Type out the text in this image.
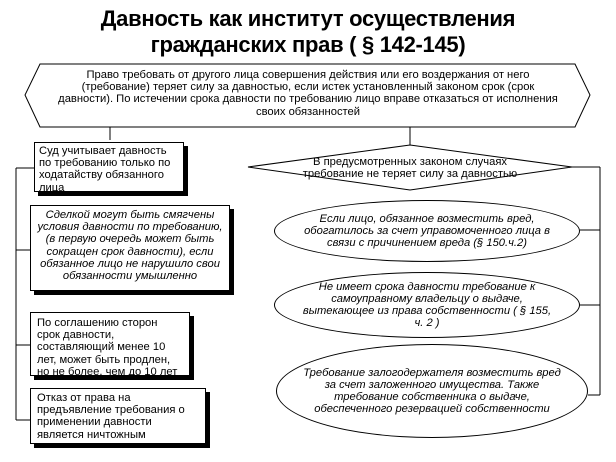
Давность как институт осуществления
гражданских прав ( § 142-145)
Право требовать от другого лица совершения действия или его воздержания от него (требование) теряет силу за давностью, если истек установленный законом срок (срок давности). По истечении срока давности по требованию лицо вправе отказаться от исполнения своих обязанностей
Суд учитывает давность по требованию только по ходатайству обязанного лица
Сделкой могут быть смягчены условия давности по требованию,(в первую очередь может быть сокращен срок давности), если обязанное лицо не нарушило свои обязанности умышленно
По соглашению сторон срок давности, составляющий менее 10 лет, может быть продлен, но не более, чем до 10 лет
Отказ от права на предъявление требования о применении давности является ничтожным
В предусмотренных законом случаях требование не теряет силу за давностью
Если лицо, обязанное возместить вред, обогатилось за счет управомоченного лица в связи с причинением вреда (§ 150.ч.2)
Не имеет срока давности требование к самоуправному владельцу о выдаче, вытекающее из права собственности ( § 155, ч. 2 )
Требование залогодержателя возместить вред за счет заложенного имущества. Также требование собственника о выдаче, обеспеченного резервацией собственности
